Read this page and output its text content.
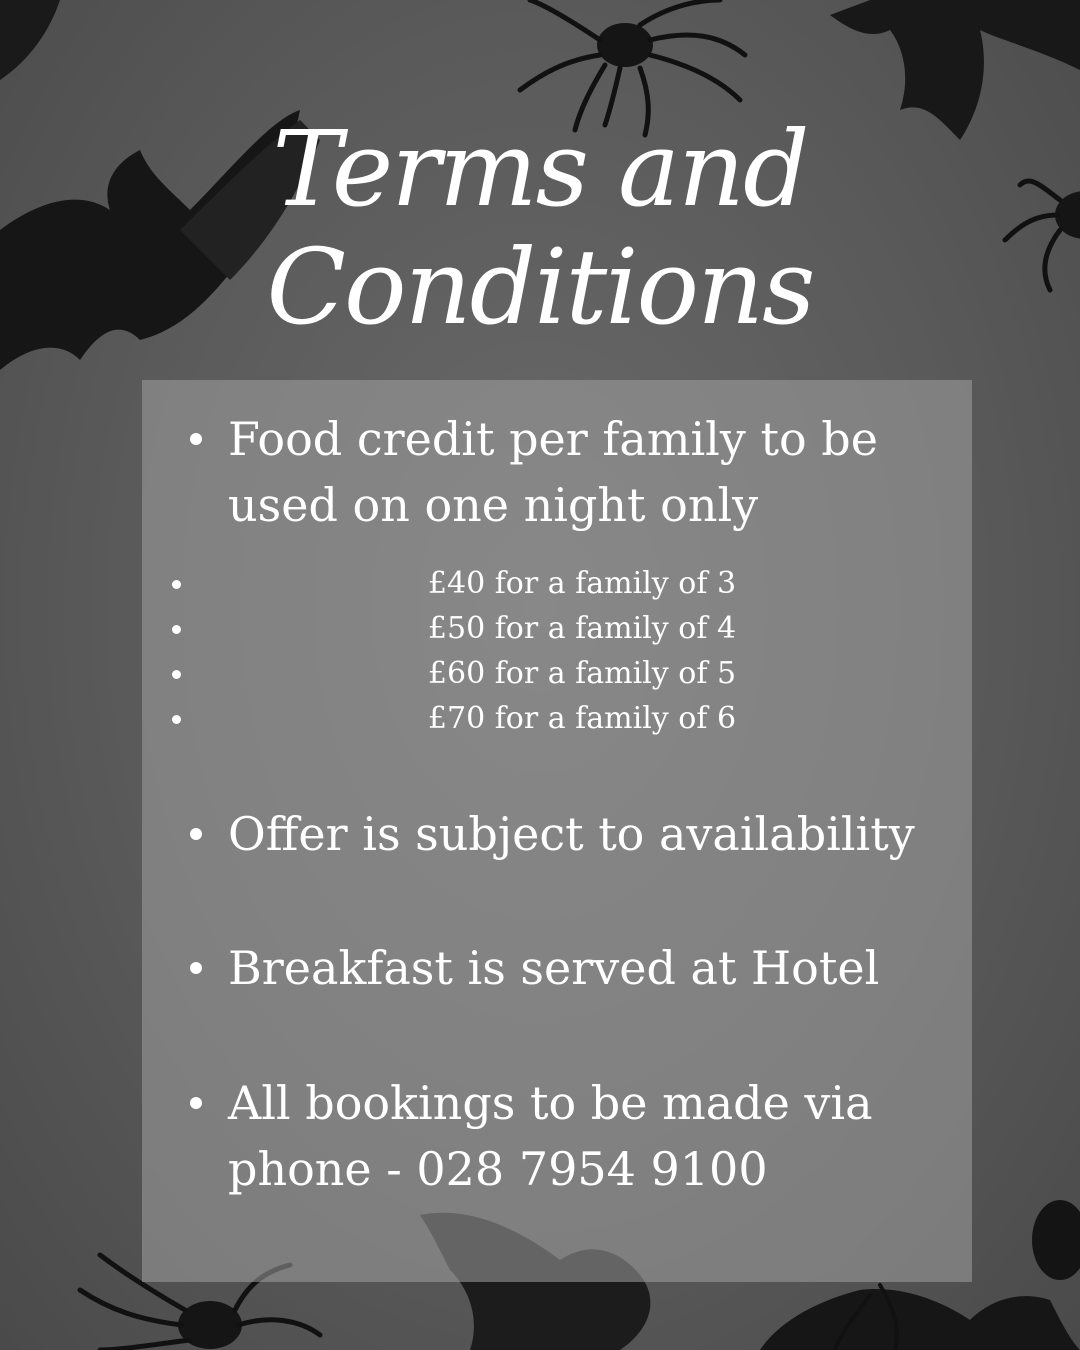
Terms and
Conditions
Food credit per family to be used on one night only
£40 for a family of 3
£50 for a family of 4
£60 for a family of 5
£70 for a family of 6
Offer is subject to availability
Breakfast is served at Hotel
All bookings to be made via phone - 028 7954 9100
